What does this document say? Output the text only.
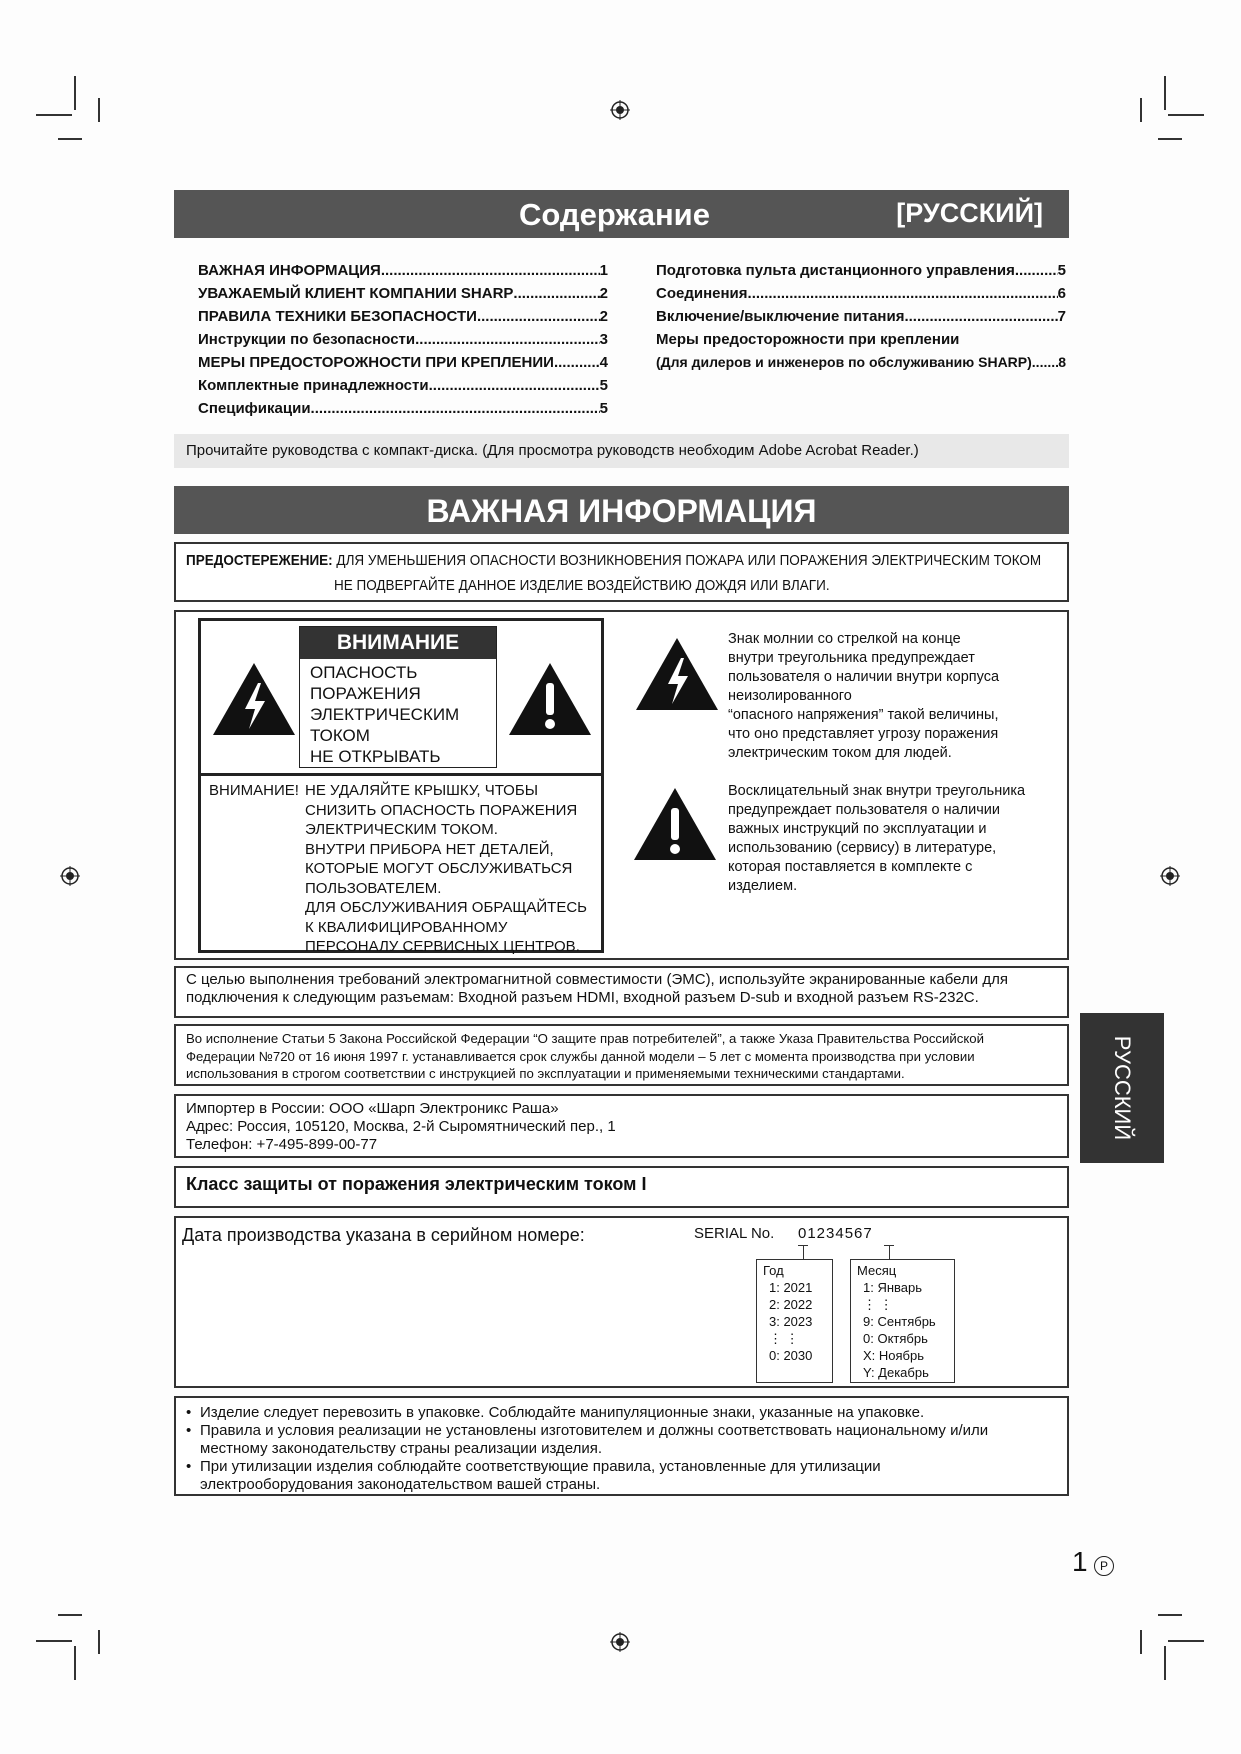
Содержание	[РУССКИЙ]
ВАЖНАЯ ИНФОРМАЦИЯ .....	1
УВАЖАЕМЫЙ КЛИЕНТ КОМПАНИИ SHARP .....	2
ПРАВИЛА ТЕХНИКИ БЕЗОПАСНОСТИ .....	2
Инструкции по безопасности .....	3
МЕРЫ ПРЕДОСТОРОЖНОСТИ ПРИ КРЕПЛЕНИИ .....	4
Комплектные принадлежности .....	5
Спецификации .....	5
Подготовка пульта дистанционного управления .....	5
Соединения .....	6
Включение/выключение питания .....	7
Меры предосторожности при креплении
(Для дилеров и инженеров по обслуживанию SHARP) ..... 8
Прочитайте руководства с компакт-диска. (Для просмотра руководств необходим Adobe Acrobat Reader.)
ВАЖНАЯ ИНФОРМАЦИЯ
ПРЕДОСТЕРЕЖЕНИЕ: ДЛЯ УМЕНЬШЕНИЯ ОПАСНОСТИ ВОЗНИКНОВЕНИЯ ПОЖАРА ИЛИ ПОРАЖЕНИЯ ЭЛЕКТРИЧЕСКИМ ТОКОМ
НЕ ПОДВЕРГАЙТЕ ДАННОЕ ИЗДЕЛИЕ ВОЗДЕЙСТВИЮ ДОЖДЯ ИЛИ ВЛАГИ.
ВНИМАНИЕ
ОПАСНОСТЬ
ПОРАЖЕНИЯ
ЭЛЕКТРИЧЕСКИМ
ТОКОМ
НЕ ОТКРЫВАТЬ
ВНИМАНИЕ! НЕ УДАЛЯЙТЕ КРЫШКУ, ЧТОБЫ
СНИЗИТЬ ОПАСНОСТЬ ПОРАЖЕНИЯ
ЭЛЕКТРИЧЕСКИМ ТОКОМ.
ВНУТРИ ПРИБОРА НЕТ ДЕТАЛЕЙ,
КОТОРЫЕ МОГУТ ОБСЛУЖИВАТЬСЯ
ПОЛЬЗОВАТЕЛЕМ.
ДЛЯ ОБСЛУЖИВАНИЯ ОБРАЩАЙТЕСЬ
К КВАЛИФИЦИРОВАННОМУ
ПЕРСОНАЛУ СЕРВИСНЫХ ЦЕНТРОВ.
Знак молнии со стрелкой на конце
внутри треугольника предупреждает
пользователя о наличии внутри корпуса
неизолированного
“опасного напряжения” такой величины,
что оно представляет угрозу поражения
электрическим током для людей.
Восклицательный знак внутри треугольника
предупреждает пользователя о наличии
важных инструкций по эксплуатации и
использованию (сервису) в литературе,
которая поставляется в комплекте с
изделием.
С целью выполнения требований электромагнитной совместимости (ЭМС), используйте экранированные кабели для
подключения к следующим разъемам: Входной разъем HDMI, входной разъем D-sub и входной разъем RS-232C.
Во исполнение Статьи 5 Закона Российской Федерации “О защите прав потребителей”, а также Указа Правительства Российской
Федерации №720 от 16 июня 1997 г. устанавливается срок службы данной модели – 5 лет с момента производства при условии
использования в строгом соответствии с инструкцией по эксплуатации и применяемыми техническими стандартами.
Импортер в России: ООО «Шарп Электроникс Раша»
Адрес: Россия, 105120, Москва, 2-й Сыромятнический пер., 1
Телефон: +7-495-899-00-77
Класс защиты от поражения электрическим током I
Дата производства указана в серийном номере:	SERIAL No. 01234567
Год
1: 2021
2: 2022
3: 2023
⋮ ⋮
0: 2030
Месяц
1: Январь
⋮ ⋮
9: Сентябрь
0: Октябрь
X: Ноябрь
Y: Декабрь
• Изделие следует перевозить в упаковке. Соблюдайте манипуляционные знаки, указанные на упаковке.
• Правила и условия реализации не установлены изготовителем и должны соответствовать национальному и/или
местному законодательству страны реализации изделия.
• При утилизации изделия соблюдайте соответствующие правила, установленные для утилизации
электрооборудования законодательством вашей страны.
РУССКИЙ
1	P
